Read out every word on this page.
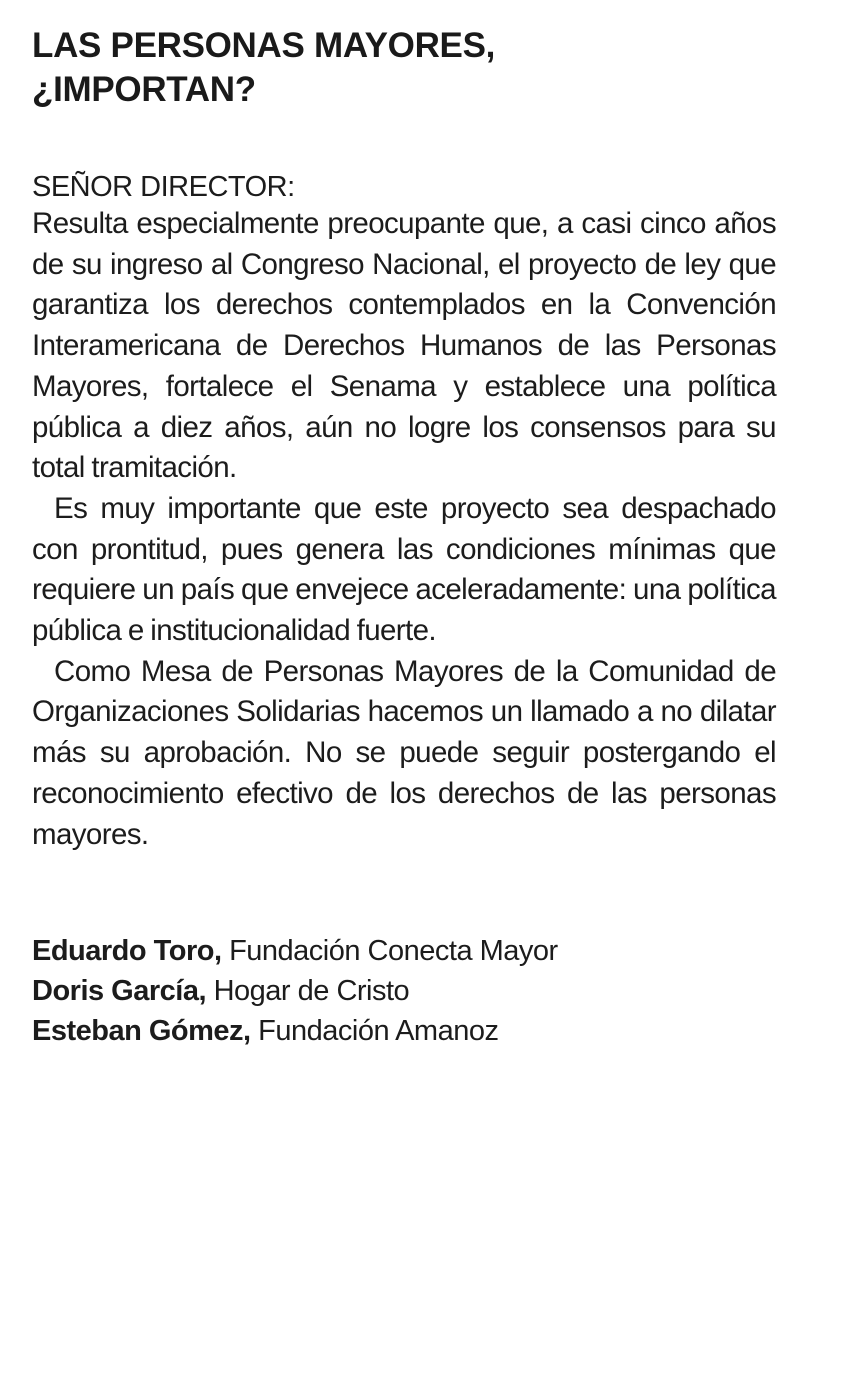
LAS PERSONAS MAYORES,
¿IMPORTAN?
SEÑOR DIRECTOR:

Resulta especialmente preocupante que, a casi cinco años de su ingreso al Congreso Nacional, el proyecto de ley que garantiza los derechos contemplados en la Convención Interamericana de Derechos Humanos de las Personas Mayores, fortalece el Senama y establece una política pública a diez años, aún no logre los consensos para su total tramitación.

Es muy importante que este proyecto sea despachado con prontitud, pues genera las condiciones mínimas que requiere un país que envejece aceleradamente: una política pública e institucionalidad fuerte.

Como Mesa de Personas Mayores de la Comunidad de Organizaciones Solidarias hacemos un llamado a no dilatar más su aprobación. No se puede seguir postergando el reconocimiento efectivo de los derechos de las personas mayores.

Eduardo Toro, Fundación Conecta Mayor
Doris García, Hogar de Cristo
Esteban Gómez, Fundación Amanoz
